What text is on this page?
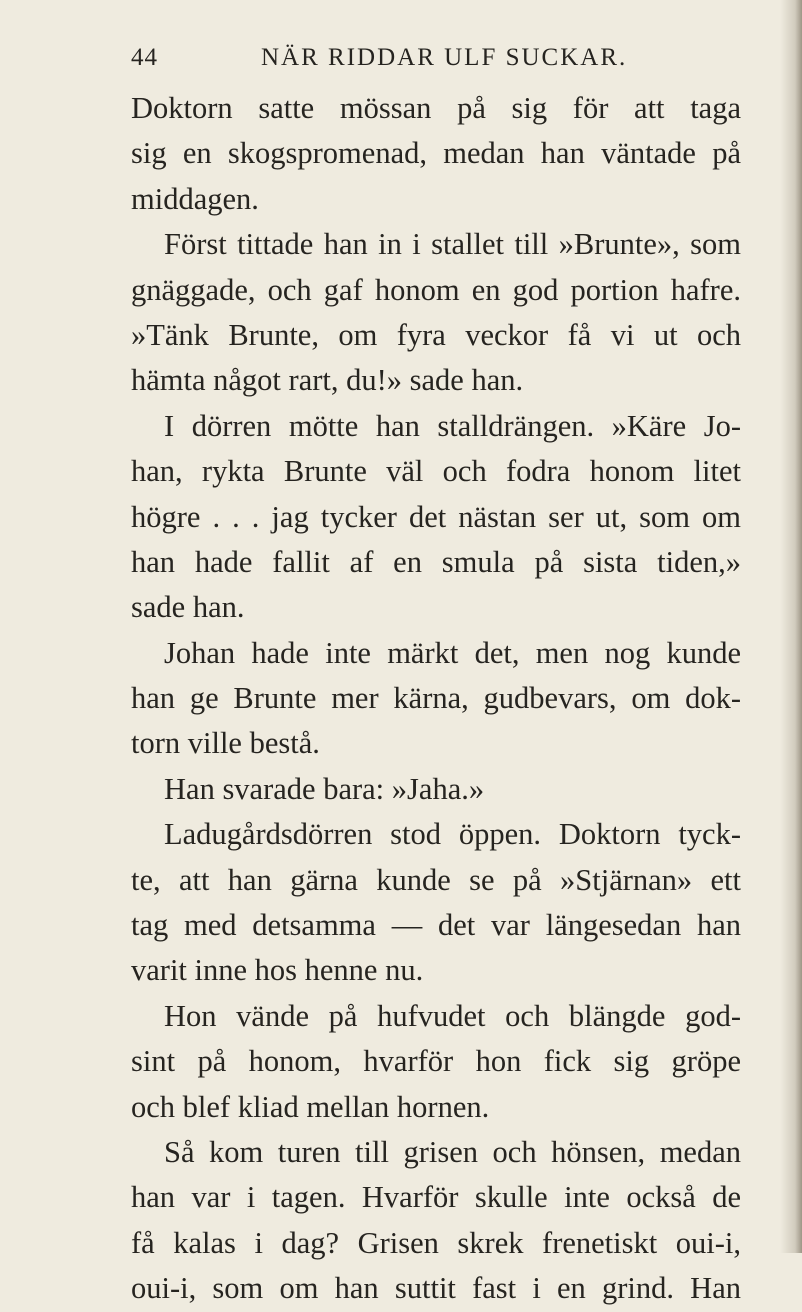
44	NÄR RIDDAR ULF SUCKAR.
Doktorn satte mössan på sig för att taga
sig en skogspromenad, medan han väntade på
middagen.
Först tittade han in i stallet till »Brunte», som
gnäggade, och gaf honom en god portion hafre.
»Tänk Brunte, om fyra veckor få vi ut och
hämta något rart, du!» sade han.
I dörren mötte han stalldrängen. »Käre Jo-
han, rykta Brunte väl och fodra honom litet
högre . . . jag tycker det nästan ser ut, som om
han hade fallit af en smula på sista tiden,»
sade han.
Johan hade inte märkt det, men nog kunde
han ge Brunte mer kärna, gudbevars, om dok-
torn ville bestå.
Han svarade bara: »Jaha.»
Ladugårdsdörren stod öppen. Doktorn tyck-
te, att han gärna kunde se på »Stjärnan» ett
tag med detsamma — det var längesedan han
varit inne hos henne nu.
Hon vände på hufvudet och blängde god-
sint på honom, hvarför hon fick sig gröpe
och blef kliad mellan hornen.
Så kom turen till grisen och hönsen, medan
han var i tagen. Hvarför skulle inte också de
få kalas i dag? Grisen skrek frenetiskt oui-i,
oui-i, som om han suttit fast i en grind. Han
